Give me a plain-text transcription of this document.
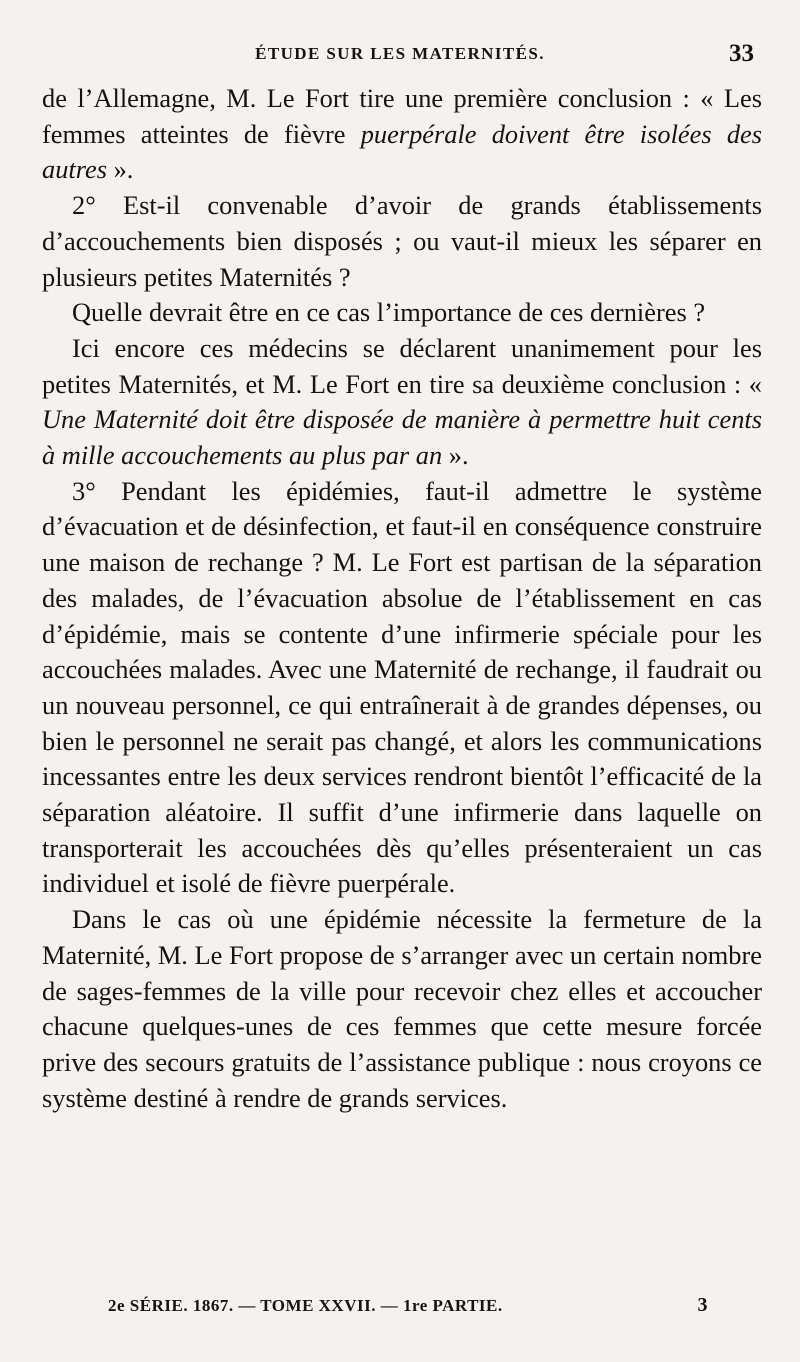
ÉTUDE SUR LES MATERNITÉS.	33

de l’Allemagne, M. Le Fort tire une première conclusion : « Les femmes atteintes de fièvre puerpérale doivent être isolées des autres ».

2° Est-il convenable d’avoir de grands établissements d’accouchements bien disposés ; ou vaut-il mieux les séparer en plusieurs petites Maternités ?

Quelle devrait être en ce cas l’importance de ces dernières ?

Ici encore ces médecins se déclarent unanimement pour les petites Maternités, et M. Le Fort en tire sa deuxième conclusion : « Une Maternité doit être disposée de manière à permettre huit cents à mille accouchements au plus par an ».

3° Pendant les épidémies, faut-il admettre le système d’évacuation et de désinfection, et faut-il en conséquence construire une maison de rechange ? M. Le Fort est partisan de la séparation des malades, de l’évacuation absolue de l’établissement en cas d’épidémie, mais se contente d’une infirmerie spéciale pour les accouchées malades. Avec une Maternité de rechange, il faudrait ou un nouveau personnel, ce qui entraînerait à de grandes dépenses, ou bien le personnel ne serait pas changé, et alors les communications incessantes entre les deux services rendront bientôt l’efficacité de la séparation aléatoire. Il suffit d’une infirmerie dans laquelle on transporterait les accouchées dès qu’elles présenteraient un cas individuel et isolé de fièvre puerpérale.

Dans le cas où une épidémie nécessite la fermeture de la Maternité, M. Le Fort propose de s’arranger avec un certain nombre de sages-femmes de la ville pour recevoir chez elles et accoucher chacune quelques-unes de ces femmes que cette mesure forcée prive des secours gratuits de l’assistance publique : nous croyons ce système destiné à rendre de grands services.

2e SÉRIE. 1867. — TOME XXVII. — 1re PARTIE.	3
